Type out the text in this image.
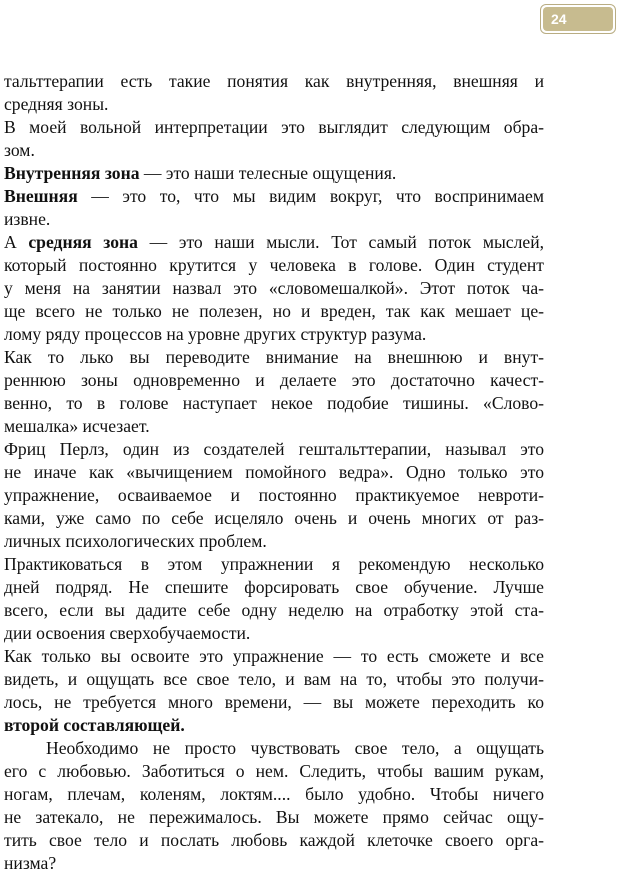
24
тальттерапии есть такие понятия как внутренняя, внешняя и
средняя зоны.
В моей вольной интерпретации это выглядит следующим обра-
зом.
Внутренняя зона — это наши телесные ощущения.
Внешняя — это то, что мы видим вокруг, что воспринимаем
извне.
А средняя зона — это наши мысли. Тот самый поток мыслей,
который постоянно крутится у человека в голове. Один студент
у меня на занятии назвал это «словомешалкой». Этот поток ча-
ще всего не только не полезен, но и вреден, так как мешает це-
лому ряду процессов на уровне других структур разума.
Как то лько вы переводите внимание на внешнюю и внут-
реннюю зоны одновременно и делаете это достаточно качест-
венно, то в голове наступает некое подобие тишины. «Слово-
мешалка» исчезает.
Фриц Перлз, один из создателей гештальттерапии, называл это
не иначе как «вычищением помойного ведра». Одно только это
упражнение, осваиваемое и постоянно практикуемое невроти-
ками, уже само по себе исцеляло очень и очень многих от раз-
личных психологических проблем.
Практиковаться в этом упражнении я рекомендую несколько
дней подряд. Не спешите форсировать свое обучение. Лучше
всего, если вы дадите себе одну неделю на отработку этой ста-
дии освоения сверхобучаемости.
Как только вы освоите это упражнение — то есть сможете и все
видеть, и ощущать все свое тело, и вам на то, чтобы это получи-
лось, не требуется много времени, — вы можете переходить ко
второй составляющей.
Необходимо не просто чувствовать свое тело, а ощущать
его с любовью. Заботиться о нем. Следить, чтобы вашим рукам,
ногам, плечам, коленям, локтям.... было удобно. Чтобы ничего
не затекало, не пережималось. Вы можете прямо сейчас ощу-
тить свое тело и послать любовь каждой клеточке своего орга-
низма?
